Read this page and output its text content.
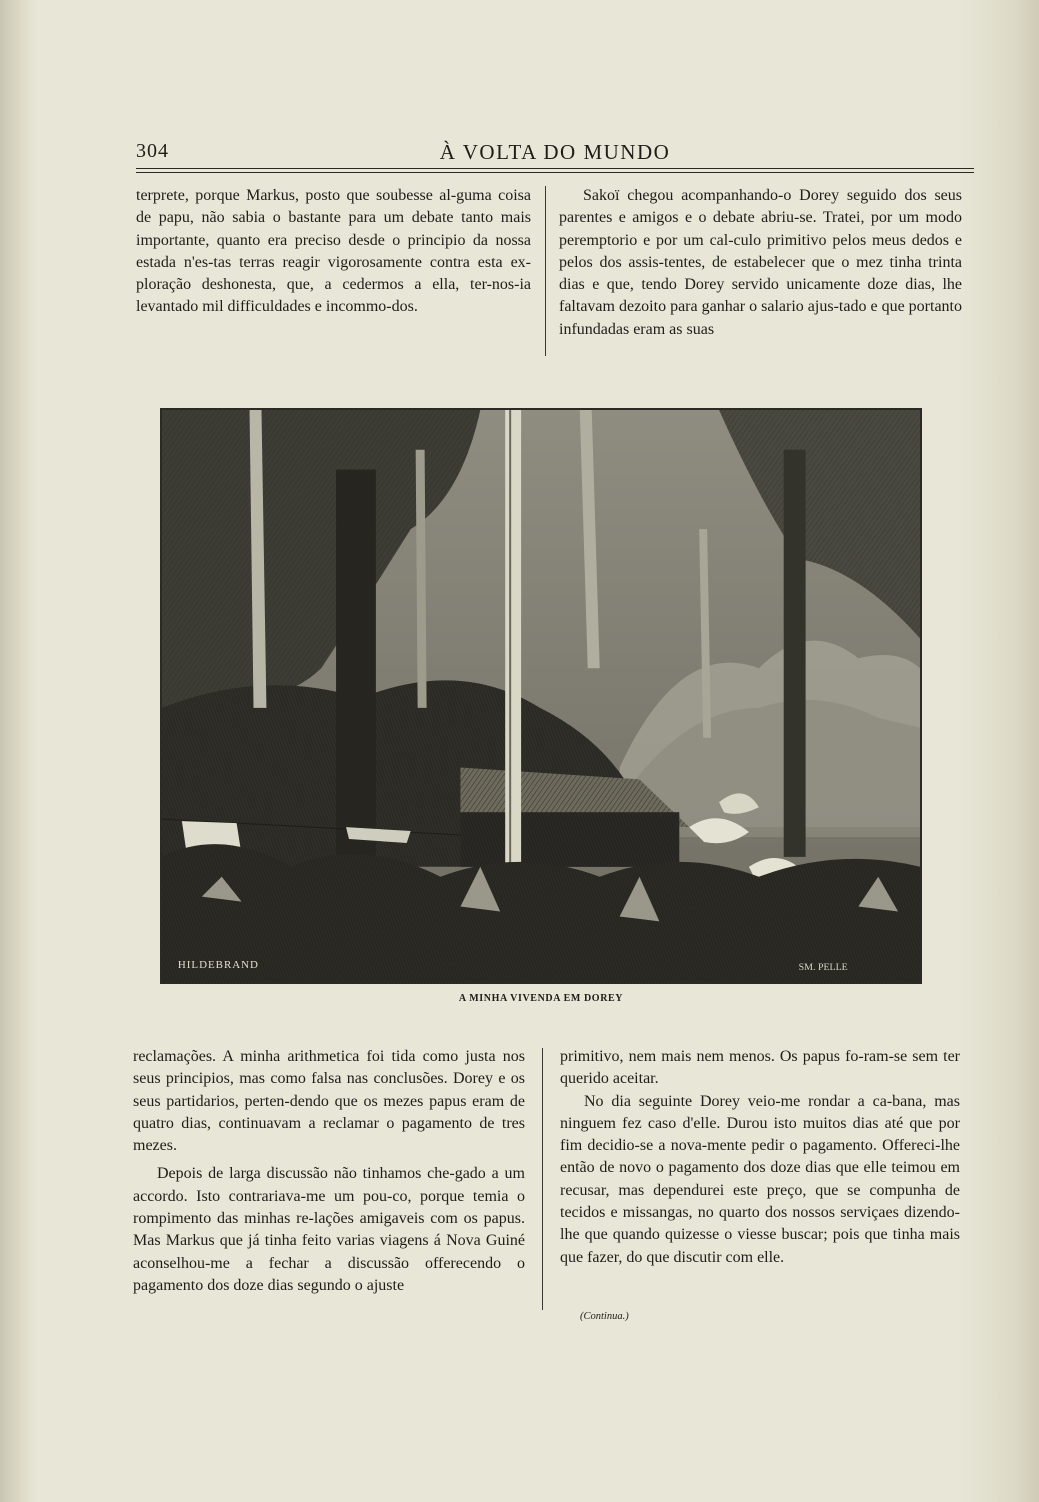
304	À VOLTA DO MUNDO

terprete, porque Markus, posto que soubesse al-guma coisa de papu, não sabia o bastante para um debate tanto mais importante, quanto era preciso desde o principio da nossa estada n'es-tas terras reagir vigorosamente contra esta ex-ploração deshonesta, que, a cedermos a ella, ter-nos-ia levantado mil difficuldades e incommo-dos.

Sakoï chegou acompanhando-o Dorey seguido dos seus parentes e amigos e o debate abriu-se. Tratei, por um modo peremptorio e por um cal-culo primitivo pelos meus dedos e pelos dos assis-tentes, de estabelecer que o mez tinha trinta dias e que, tendo Dorey servido unicamente doze dias, lhe faltavam dezoito para ganhar o salario ajus-tado e que portanto infundadas eram as suas

HILDEBRAND	SM. PELLE
A MINHA VIVENDA EM DOREY

reclamações. A minha arithmetica foi tida como justa nos seus principios, mas como falsa nas conclusões. Dorey e os seus partidarios, perten-dendo que os mezes papus eram de quatro dias, continuavam a reclamar o pagamento de tres mezes.

Depois de larga discussão não tinhamos che-gado a um accordo. Isto contrariava-me um pou-co, porque temia o rompimento das minhas re-lações amigaveis com os papus. Mas Markus que já tinha feito varias viagens á Nova Guiné aconselhou-me a fechar a discussão offerecendo o pagamento dos doze dias segundo o ajuste

primitivo, nem mais nem menos. Os papus fo-ram-se sem ter querido aceitar.

No dia seguinte Dorey veio-me rondar a ca-bana, mas ninguem fez caso d'elle. Durou isto muitos dias até que por fim decidio-se a nova-mente pedir o pagamento. Offereci-lhe então de novo o pagamento dos doze dias que elle teimou em recusar, mas dependurei este preço, que se compunha de tecidos e missangas, no quarto dos nossos serviçaes dizendo-lhe que quando quizesse o viesse buscar; pois que tinha mais que fazer, do que discutir com elle.

(Continua.)
